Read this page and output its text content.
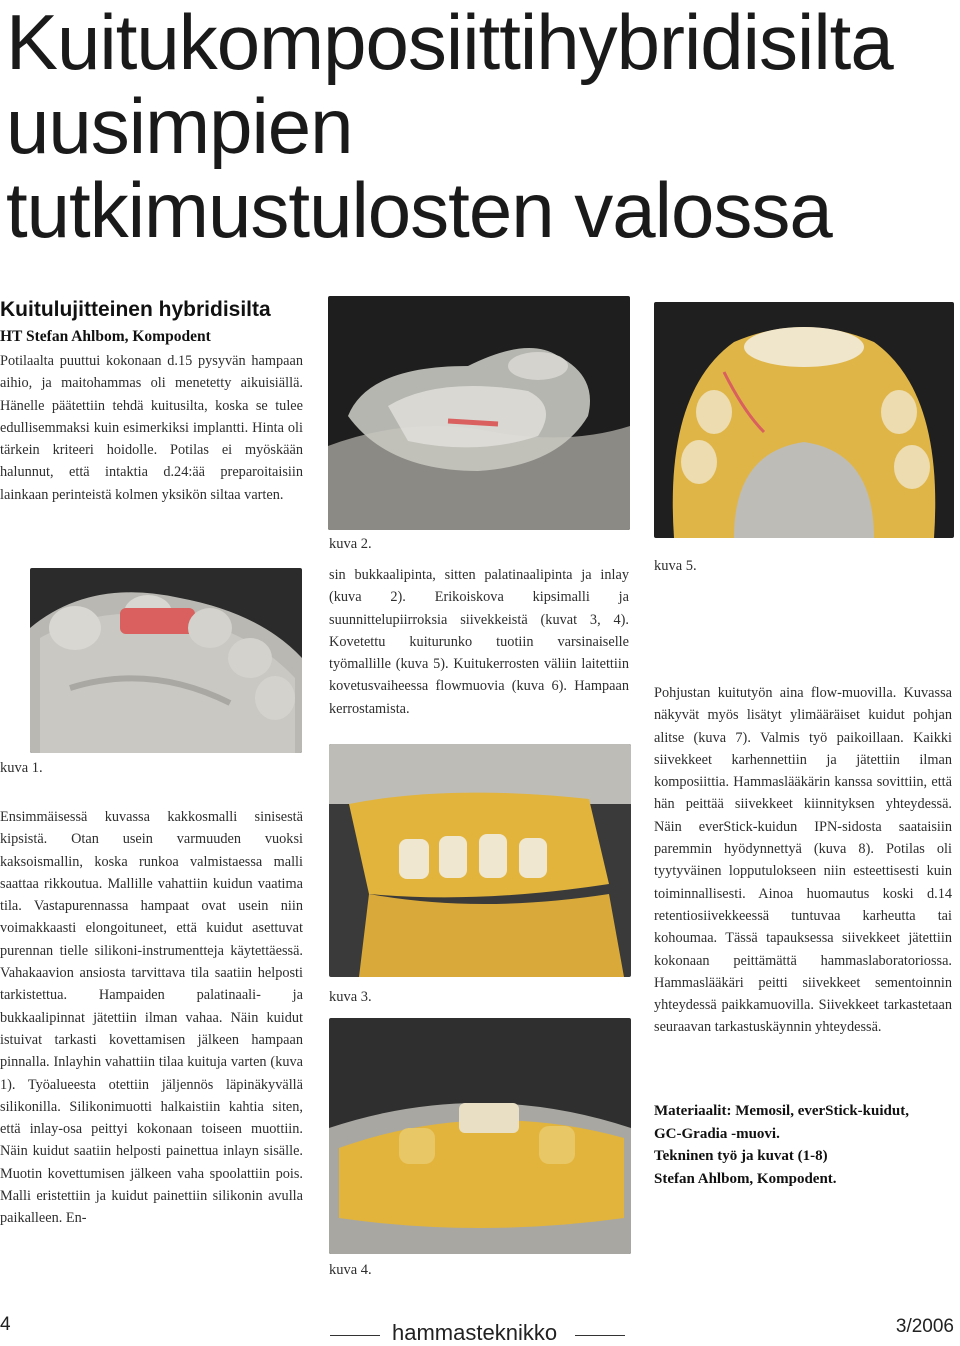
Kuitukomposiittihybridisilta
uusimpien
tutkimustulosten valossa
Kuitulujitteinen hybridisilta
HT Stefan Ahlbom, Kompodent

Potilaalta puuttui kokonaan d.15 pysyvän hampaan aihio, ja maitohammas oli menetetty aikuisiällä. Hänelle päätettiin tehdä kuitusilta, koska se tulee edullisemmaksi kuin esimerkiksi implantti. Hinta oli tärkein kriteeri hoidolle. Potilas ei myöskään halunnut, että intaktia d.24:ää preparoitaisiin lainkaan perinteistä kolmen yksikön siltaa varten.

kuva 1.

Ensimmäisessä kuvassa kakkosmalli sinisestä kipsistä. Otan usein varmuuden vuoksi kaksoismallin, koska runkoa valmistaessa malli saattaa rikkoutua. Mallille vahattiin kuidun vaatima tila. Vastapurennassa hampaat ovat usein niin voimakkaasti elongoituneet, että kuidut asettuvat purennan tielle silikoni-instrumentteja käytettäessä. Vahakaavion ansiosta tarvittava tila saatiin helposti tarkistettua. Hampaiden palatinaali- ja bukkaalipinnat jätettiin ilman vahaa. Näin kuidut istuivat tarkasti kovettamisen jälkeen hampaan pinnalla. Inlayhin vahattiin tilaa kuituja varten (kuva 1). Työalueesta otettiin jäljennös läpinäkyvällä silikonilla. Silikonimuotti halkaistiin kahtia siten, että inlay-osa peittyi kokonaan toiseen muottiin. Näin kuidut saatiin helposti painettua inlayn sisälle. Muotin kovettumisen jälkeen vaha spoolattiin pois. Malli eristettiin ja kuidut painettiin silikonin avulla paikalleen. En-

kuva 2.

sin bukkaalipinta, sitten palatinaalipinta ja inlay (kuva 2). Erikoiskova kipsimalli ja suunnittelupiirroksia siivekkeistä (kuvat 3, 4). Kovetettu kuiturunko tuotiin varsinaiselle työmallille (kuva 5). Kuitukerrosten väliin laitettiin kovetusvaiheessa flowmuovia (kuva 6). Hampaan kerrostamista.

kuva 3.
kuva 4.
kuva 5.

Pohjustan kuitutyön aina flow-muovilla. Kuvassa näkyvät myös lisätyt ylimääräiset kuidut pohjan alitse (kuva 7). Valmis työ paikoillaan. Kaikki siivekkeet karhennettiin ja jätettiin ilman komposiittia. Hammaslääkärin kanssa sovittiin, että hän peittää siivekkeet kiinnityksen yhteydessä. Näin everStick-kuidun IPN-sidosta saataisiin paremmin hyödynnettyä (kuva 8). Potilas oli tyytyväinen lopputulokseen niin esteettisesti kuin toiminnallisesti. Ainoa huomautus koski d.14 retentiosiivekkeessä tuntuvaa karheutta tai kohoumaa. Tässä tapauksessa siivekkeet jätettiin kokonaan peittämättä hammaslaboratoriossa. Hammaslääkäri peitti siivekkeet sementoinnin yhteydessä paikkamuovilla. Siivekkeet tarkastetaan seuraavan tarkastuskäynnin yhteydessä.

Materiaalit: Memosil, everStick-kuidut,
GC-Gradia -muovi.
Tekninen työ ja kuvat (1-8)
Stefan Ahlbom, Kompodent.
4	hammasteknikko	3/2006
